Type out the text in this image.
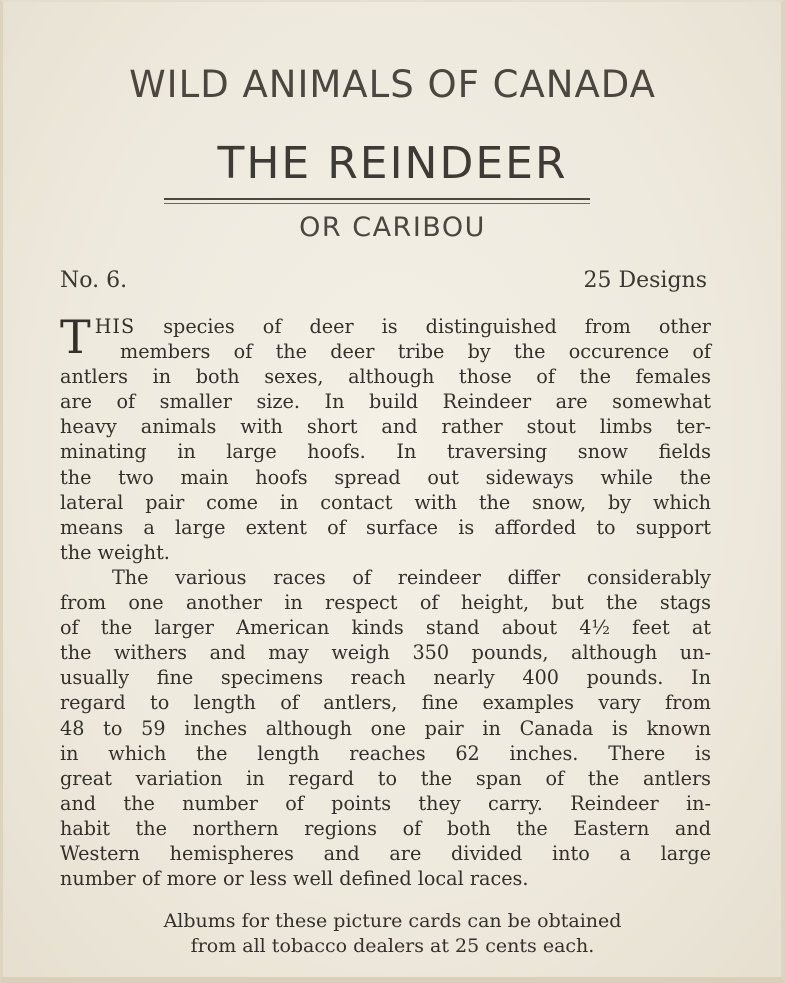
WILD ANIMALS OF CANADA
THE REINDEER
OR CARIBOU
No. 6.	25 Designs

T HIS species of deer is distinguished from other
members of the deer tribe by the occurence of
antlers in both sexes, although those of the females
are of smaller size. In build Reindeer are somewhat
heavy animals with short and rather stout limbs ter-
minating in large hoofs. In traversing snow fields
the two main hoofs spread out sideways while the
lateral pair come in contact with the snow, by which
means a large extent of surface is afforded to support
the weight.

The various races of reindeer differ considerably
from one another in respect of height, but the stags
of the larger American kinds stand about 4½ feet at
the withers and may weigh 350 pounds, although un-
usually fine specimens reach nearly 400 pounds. In
regard to length of antlers, fine examples vary from
48 to 59 inches although one pair in Canada is known
in which the length reaches 62 inches. There is
great variation in regard to the span of the antlers
and the number of points they carry. Reindeer in-
habit the northern regions of both the Eastern and
Western hemispheres and are divided into a large
number of more or less well defined local races.

Albums for these picture cards can be obtained
from all tobacco dealers at 25 cents each.
